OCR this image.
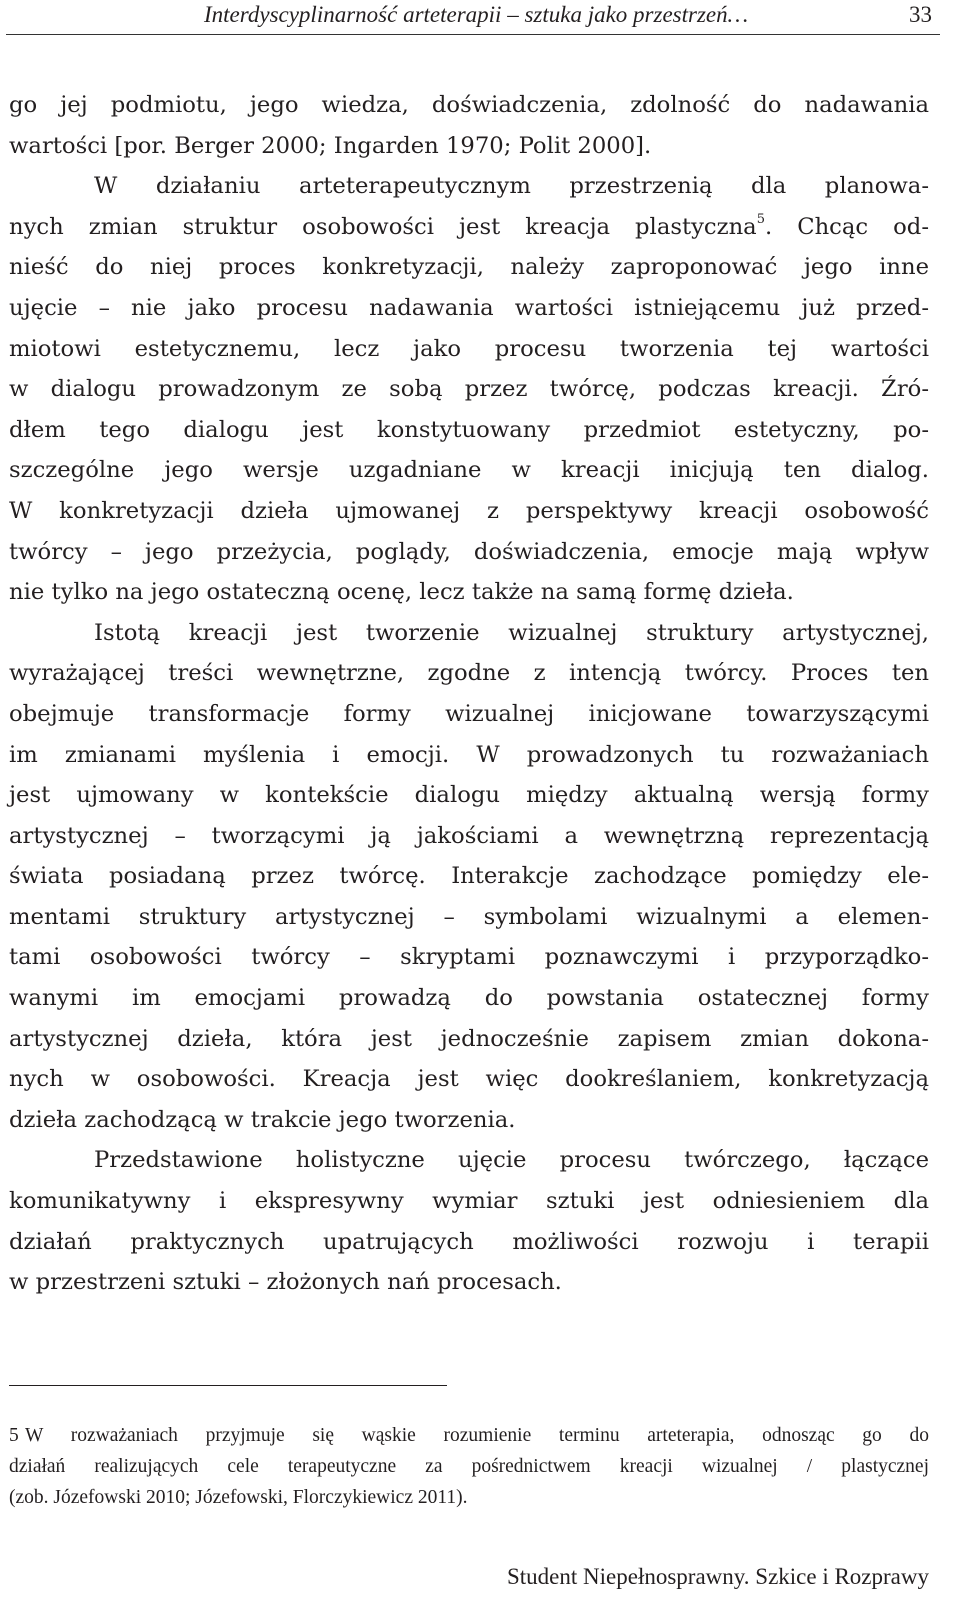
Interdyscyplinarność arteterapii – sztuka jako przestrzeń…	33
go jej podmiotu, jego wiedza, doświadczenia, zdolność do nadawania
wartości [por. Berger 2000; Ingarden 1970; Polit 2000].
W działaniu arteterapeutycznym przestrzenią dla planowa-
nych zmian struktur osobowości jest kreacja plastyczna$^5$. Chcąc od-
nieść do niej proces konkretyzacji, należy zaproponować jego inne
ujęcie – nie jako procesu nadawania wartości istniejącemu już przed-
miotowi estetycznemu, lecz jako procesu tworzenia tej wartości
w dialogu prowadzonym ze sobą przez twórcę, podczas kreacji. Źró-
dłem tego dialogu jest konstytuowany przedmiot estetyczny, po-
szczególne jego wersje uzgadniane w kreacji inicjują ten dialog.
W konkretyzacji dzieła ujmowanej z perspektywy kreacji osobowość
twórcy – jego przeżycia, poglądy, doświadczenia, emocje mają wpływ
nie tylko na jego ostateczną ocenę, lecz także na samą formę dzieła.
Istotą kreacji jest tworzenie wizualnej struktury artystycznej,
wyrażającej treści wewnętrzne, zgodne z intencją twórcy. Proces ten
obejmuje transformacje formy wizualnej inicjowane towarzyszącymi
im zmianami myślenia i emocji. W prowadzonych tu rozważaniach
jest ujmowany w kontekście dialogu między aktualną wersją formy
artystycznej – tworzącymi ją jakościami a wewnętrzną reprezentacją
świata posiadaną przez twórcę. Interakcje zachodzące pomiędzy ele-
mentami struktury artystycznej – symbolami wizualnymi a elemen-
tami osobowości twórcy – skryptami poznawczymi i przyporządko-
wanymi im emocjami prowadzą do powstania ostatecznej formy
artystycznej dzieła, która jest jednocześnie zapisem zmian dokona-
nych w osobowości. Kreacja jest więc dookreślaniem, konkretyzacją
dzieła zachodzącą w trakcie jego tworzenia.
Przedstawione holistyczne ujęcie procesu twórczego, łączące
komunikatywny i ekspresywny wymiar sztuki jest odniesieniem dla
działań praktycznych upatrujących możliwości rozwoju i terapii
w przestrzeni sztuki – złożonych nań procesach.
5 W rozważaniach przyjmuje się wąskie rozumienie terminu arteterapia, odnosząc go do
działań realizujących cele terapeutyczne za pośrednictwem kreacji wizualnej / plastycznej
(zob. Józefowski 2010; Józefowski, Florczykiewicz 2011).
Student Niepełnosprawny. Szkice i Rozprawy
